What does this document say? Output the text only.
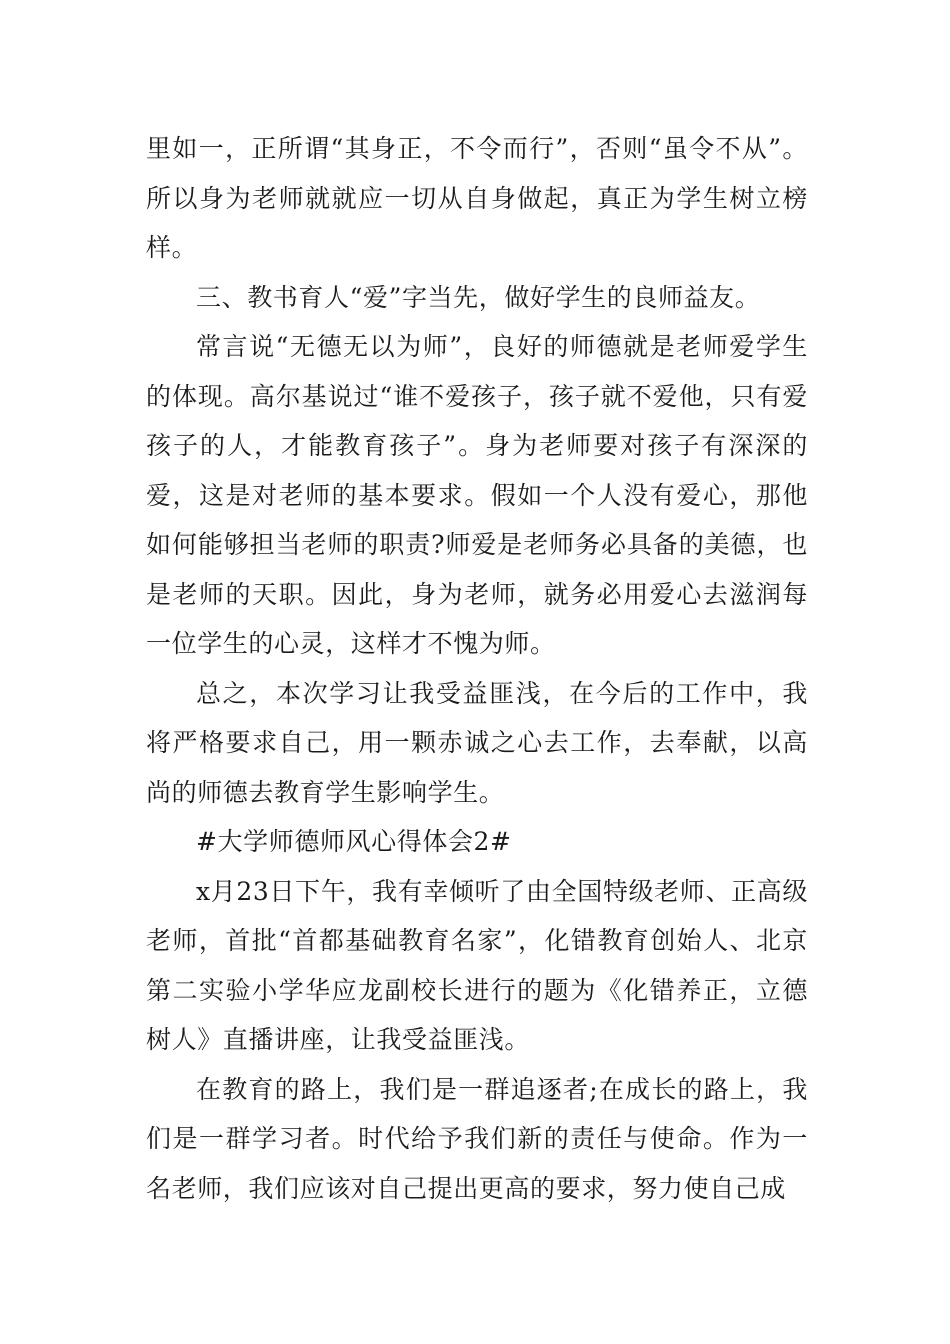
里如一，正所谓“其身正，不令而行”，否则“虽令不从”。所以身为老师就就应一切从自身做起，真正为学生树立榜样。

三、教书育人“爱”字当先，做好学生的良师益友。

常言说“无德无以为师”，良好的师德就是老师爱学生的体现。高尔基说过“谁不爱孩子，孩子就不爱他，只有爱孩子的人，才能教育孩子”。身为老师要对孩子有深深的爱，这是对老师的基本要求。假如一个人没有爱心，那他如何能够担当老师的职责?师爱是老师务必具备的美德，也是老师的天职。因此，身为老师，就务必用爱心去滋润每一位学生的心灵，这样才不愧为师。

总之，本次学习让我受益匪浅，在今后的工作中，我将严格要求自己，用一颗赤诚之心去工作，去奉献，以高尚的师德去教育学生影响学生。

#大学师德师风心得体会2#

x月23日下午，我有幸倾听了由全国特级老师、正高级老师，首批“首都基础教育名家”，化错教育创始人、北京第二实验小学华应龙副校长进行的题为《化错养正，立德树人》直播讲座，让我受益匪浅。

在教育的路上，我们是一群追逐者;在成长的路上，我们是一群学习者。时代给予我们新的责任与使命。作为一名老师，我们应该对自己提出更高的要求，努力使自己成
